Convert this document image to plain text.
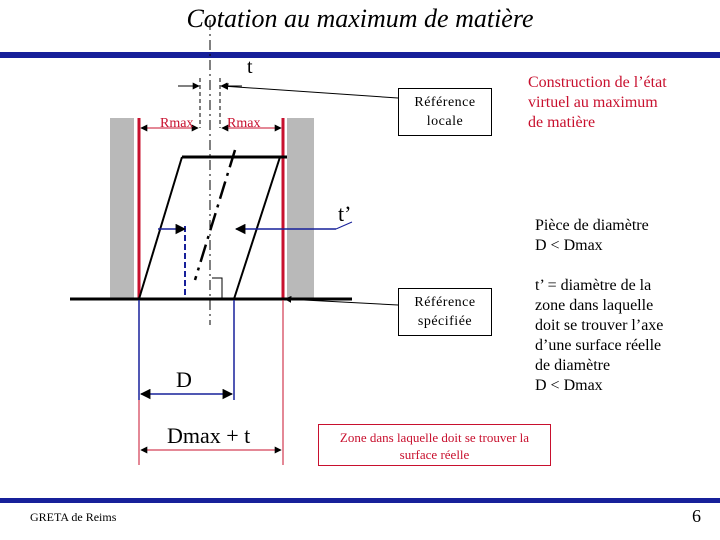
Cotation au maximum de matière
t
Rmax Rmax
t’
D
Dmax + t
Référence
locale
Référence
spécifiée
Construction de l’état
virtuel au maximum
de matière
Pièce de diamètre
D < Dmax
t’ = diamètre de la
zone dans laquelle
doit se trouver l’axe
d’une surface réelle
de diamètre
D < Dmax
Zone dans laquelle doit se trouver la
surface réelle
GRETA de Reims	6
